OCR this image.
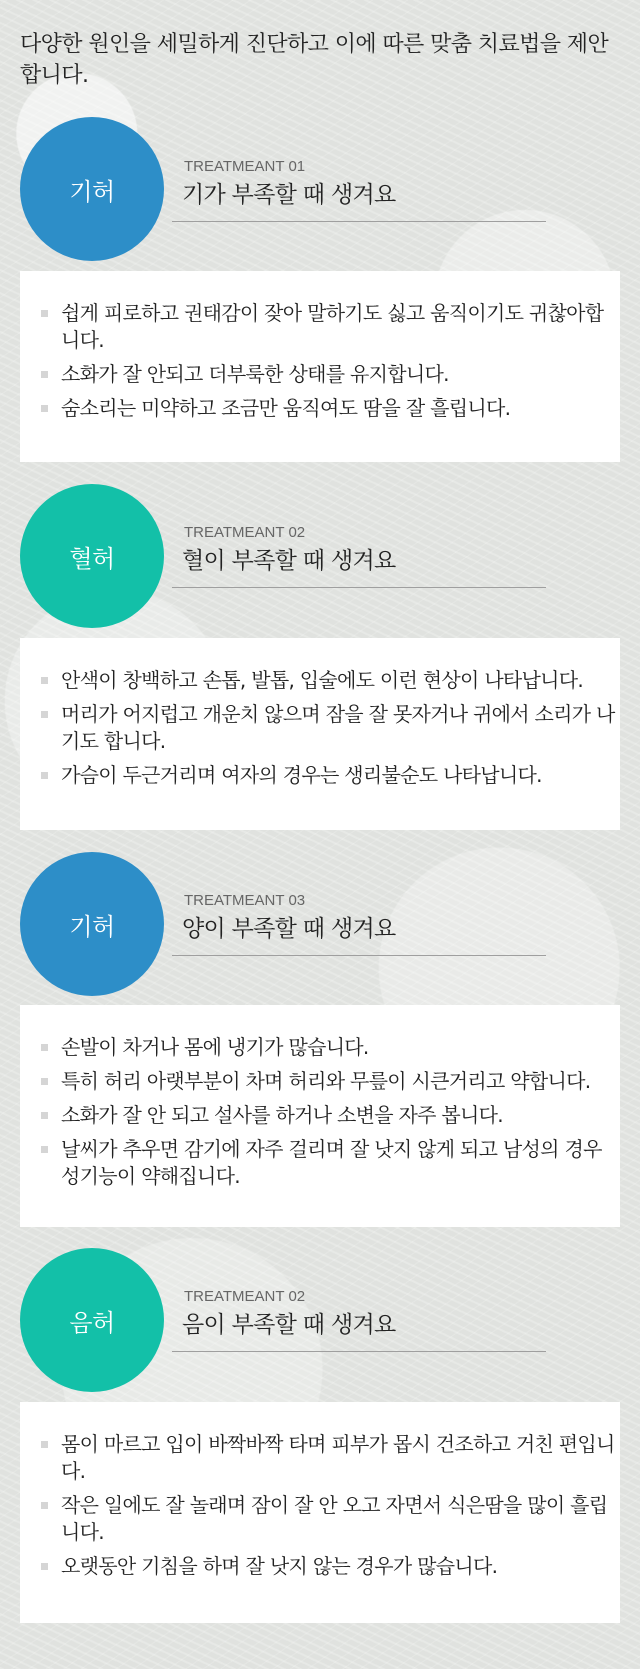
다양한 원인을 세밀하게 진단하고 이에 따른 맞춤 치료법을 제안합니다.
기허
TREATMEANT 01
기가 부족할 때 생겨요
쉽게 피로하고 권태감이 잦아 말하기도 싫고 움직이기도 귀찮아합니다.
소화가 잘 안되고 더부룩한 상태를 유지합니다.
숨소리는 미약하고 조금만 움직여도 땀을 잘 흘립니다.
혈허
TREATMEANT 02
혈이 부족할 때 생겨요
안색이 창백하고 손톱, 발톱, 입술에도 이런 현상이 나타납니다.
머리가 어지럽고 개운치 않으며 잠을 잘 못자거나 귀에서 소리가 나기도 합니다.
가슴이 두근거리며 여자의 경우는 생리불순도 나타납니다.
기허
TREATMEANT 03
양이 부족할 때 생겨요
손발이 차거나 몸에 냉기가 많습니다.
특히 허리 아랫부분이 차며 허리와 무릎이 시큰거리고 약합니다.
소화가 잘 안 되고 설사를 하거나 소변을 자주 봅니다.
날씨가 추우면 감기에 자주 걸리며 잘 낫지 않게 되고 남성의 경우 성기능이 약해집니다.
음허
TREATMEANT 02
음이 부족할 때 생겨요
몸이 마르고 입이 바짝바짝 타며 피부가 몹시 건조하고 거친 편입니다.
작은 일에도 잘 놀래며 잠이 잘 안 오고 자면서 식은땀을 많이 흘립니다.
오랫동안 기침을 하며 잘 낫지 않는 경우가 많습니다.
